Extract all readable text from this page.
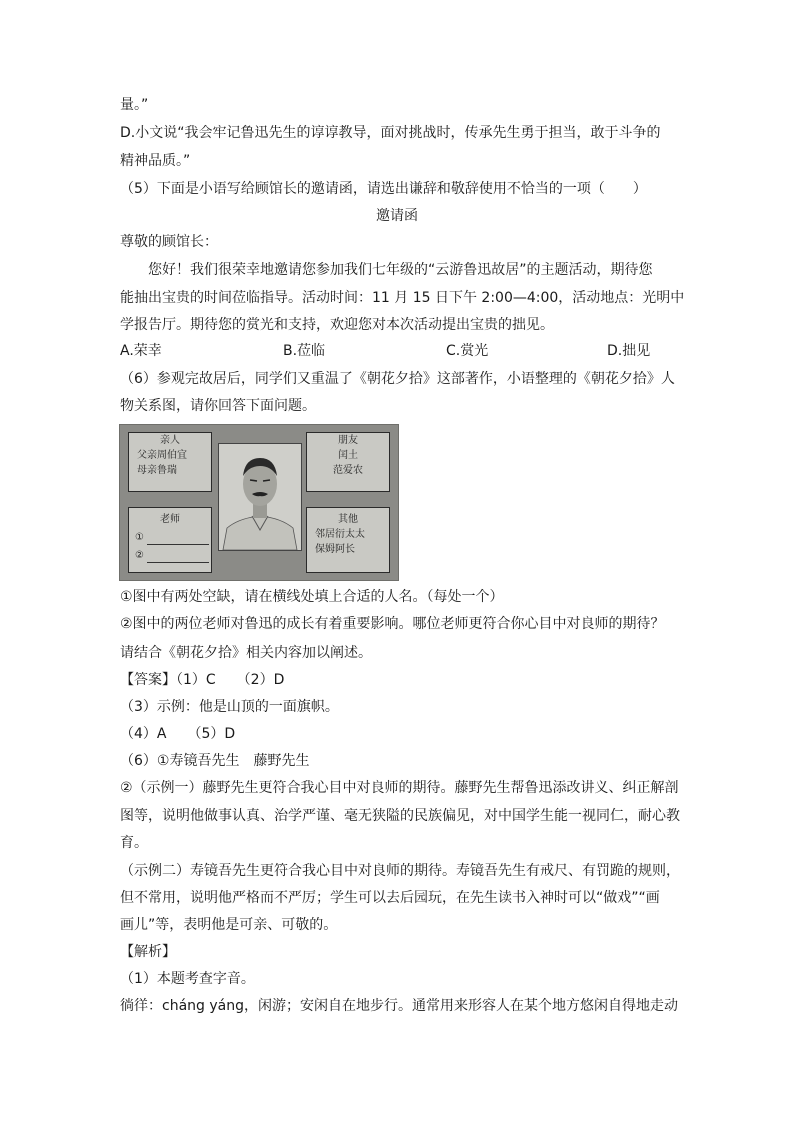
量。”
D.小文说“我会牢记鲁迅先生的谆谆教导，面对挑战时，传承先生勇于担当，敢于斗争的
精神品质。”
（5）下面是小语写给顾馆长的邀请函，请选出谦辞和敬辞使用不恰当的一项（　　）
邀请函
尊敬的顾馆长：
您好！我们很荣幸地邀请您参加我们七年级的“云游鲁迅故居”的主题活动，期待您
能抽出宝贵的时间莅临指导。活动时间：11 月 15 日下午 2:00—4:00，活动地点：光明中
学报告厅。期待您的赏光和支持，欢迎您对本次活动提出宝贵的拙见。
A.荣幸	B.莅临	C.赏光	D.拙见
（6）参观完故居后，同学们又重温了《朝花夕拾》这部著作，小语整理的《朝花夕拾》人
物关系图，请你回答下面问题。
亲人
父亲周伯宜
母亲鲁瑞
朋友
闰土
范爱农
老师
①
②
其他
邻居衍太太
保姆阿长
①图中有两处空缺，请在横线处填上合适的人名。（每处一个）
②图中的两位老师对鲁迅的成长有着重要影响。哪位老师更符合你心目中对良师的期待？
请结合《朝花夕拾》相关内容加以阐述。
【答案】（1）C　　（2）D
（3）示例：他是山顶的一面旗帜。
（4）A　　（5）D
（6）①寿镜吾先生　藤野先生
②（示例一）藤野先生更符合我心目中对良师的期待。藤野先生帮鲁迅添改讲义、纠正解剖
图等，说明他做事认真、治学严谨、毫无狭隘的民族偏见，对中国学生能一视同仁，耐心教
育。
（示例二）寿镜吾先生更符合我心目中对良师的期待。寿镜吾先生有戒尺、有罚跪的规则，
但不常用，说明他严格而不严厉；学生可以去后园玩，在先生读书入神时可以“做戏”“画
画儿”等，表明他是可亲、可敬的。
【解析】
（1）本题考查字音。
徜徉：cháng yáng，闲游；安闲自在地步行。通常用来形容人在某个地方悠闲自得地走动
